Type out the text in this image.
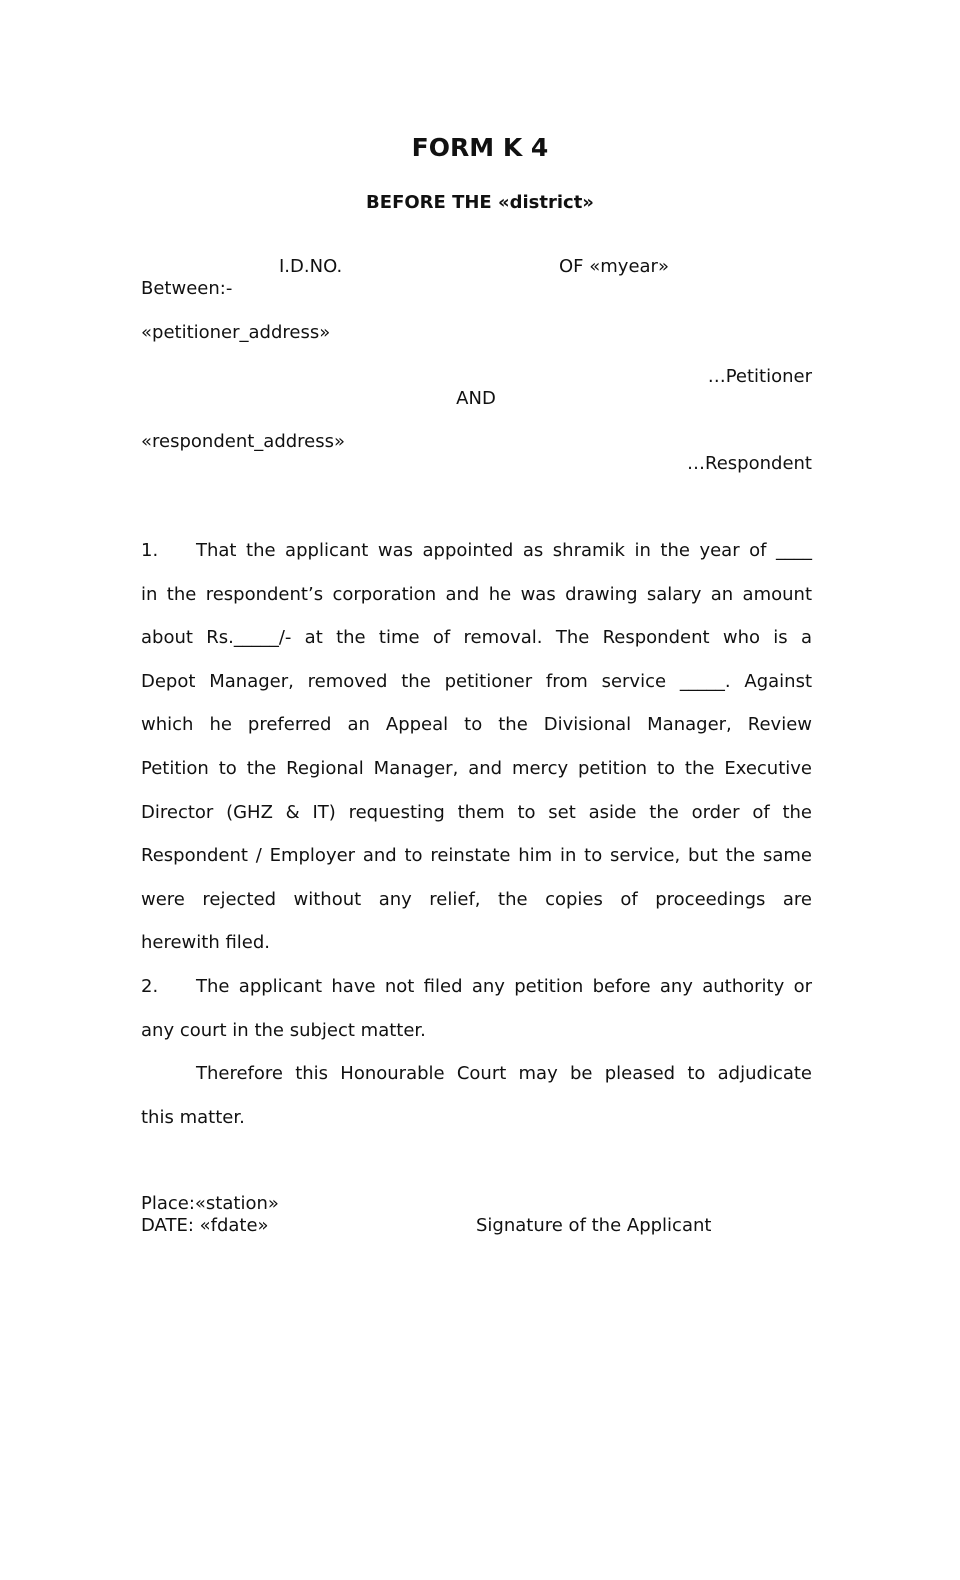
FORM K 4
BEFORE THE «district»
I.D.NO.	OF «myear»
Between:-
«petitioner_address»
…Petitioner
AND
«respondent_address»
…Respondent
1. That the applicant was appointed as shramik in the year of ____
in the respondent’s corporation and he was drawing salary an amount
about Rs._____/- at the time of removal. The Respondent who is a
Depot Manager, removed the petitioner from service _____. Against
which he preferred an Appeal to the Divisional Manager, Review
Petition to the Regional Manager, and mercy petition to the Executive
Director (GHZ & IT) requesting them to set aside the order of the
Respondent / Employer and to reinstate him in to service, but the same
were rejected without any relief, the copies of proceedings are
herewith filed.
2. The applicant have not filed any petition before any authority or
any court in the subject matter.
Therefore this Honourable Court may be pleased to adjudicate
this matter.
Place:«station»
DATE: «fdate»	Signature of the Applicant
